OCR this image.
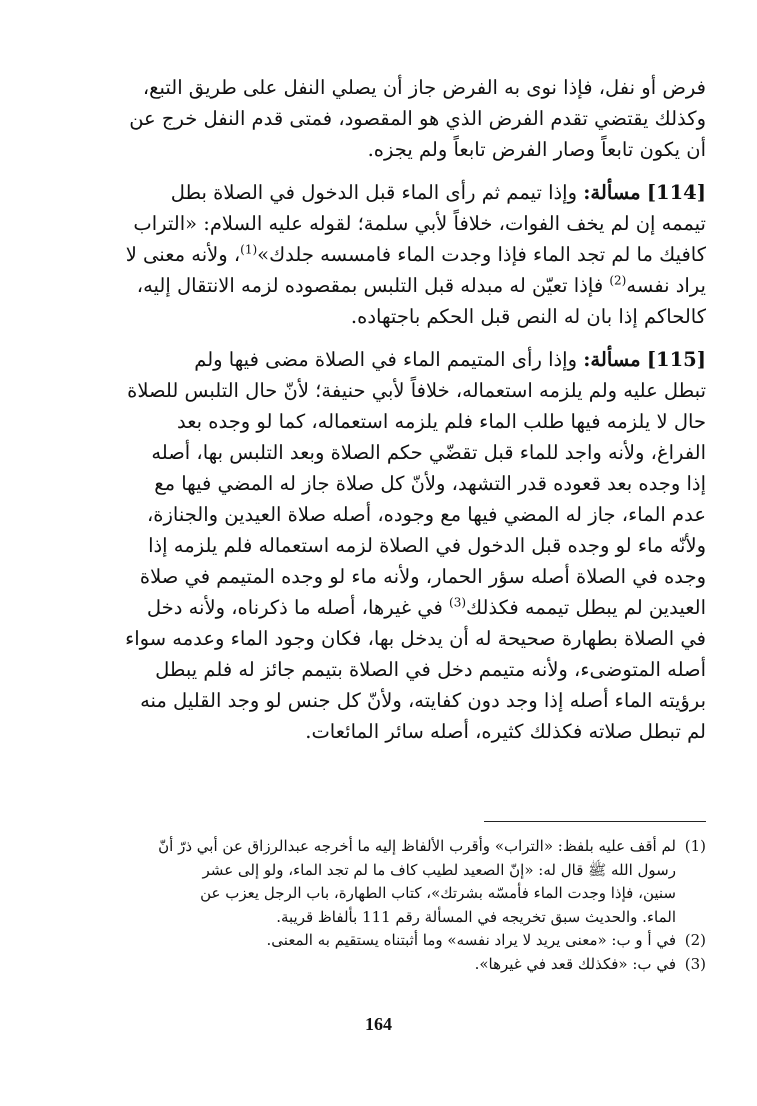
فرض أو نفل، فإذا نوى به الفرض جاز أن يصلي النفل على طريق التبع،
وكذلك يقتضي تقدم الفرض الذي هو المقصود، فمتى قدم النفل خرج عن
أن يكون تابعاً وصار الفرض تابعاً ولم يجزه.

[114] مسألة: وإذا تيمم ثم رأى الماء قبل الدخول في الصلاة بطل
تيممه إن لم يخف الفوات، خلافاً لأبي سلمة؛ لقوله عليه السلام: «التراب
كافيك ما لم تجد الماء فإذا وجدت الماء فامسسه جلدك»$^{(1)}$، ولأنه معنى لا
يراد نفسه$^{(2)}$ فإذا تعيّن له مبدله قبل التلبس بمقصوده لزمه الانتقال إليه،
كالحاكم إذا بان له النص قبل الحكم باجتهاده.

[115] مسألة: وإذا رأى المتيمم الماء في الصلاة مضى فيها ولم
تبطل عليه ولم يلزمه استعماله، خلافاً لأبي حنيفة؛ لأنّ حال التلبس للصلاة
حال لا يلزمه فيها طلب الماء فلم يلزمه استعماله، كما لو وجده بعد
الفراغ، ولأنه واجد للماء قبل تقضّي حكم الصلاة وبعد التلبس بها، أصله
إذا وجده بعد قعوده قدر التشهد، ولأنّ كل صلاة جاز له المضي فيها مع
عدم الماء، جاز له المضي فيها مع وجوده، أصله صلاة العيدين والجنازة،
ولأنّه ماء لو وجده قبل الدخول في الصلاة لزمه استعماله فلم يلزمه إذا
وجده في الصلاة أصله سؤر الحمار، ولأنه ماء لو وجده المتيمم في صلاة
العيدين لم يبطل تيممه فكذلك$^{(3)}$ في غيرها، أصله ما ذكرناه، ولأنه دخل
في الصلاة بطهارة صحيحة له أن يدخل بها، فكان وجود الماء وعدمه سواء
أصله المتوضىء، ولأنه متيمم دخل في الصلاة بتيمم جائز له فلم يبطل
برؤيته الماء أصله إذا وجد دون كفايته، ولأنّ كل جنس لو وجد القليل منه
لم تبطل صلاته فكذلك كثيره، أصله سائر المائعات.

(1)
لم أقف عليه بلفظ: «التراب» وأقرب الألفاظ إليه ما أخرجه عبدالرزاق عن أبي ذرّ أنّ
رسول الله ﷺ قال له: «إنّ الصعيد لطيب كاف ما لم تجد الماء، ولو إلى عشر
سنين، فإذا وجدت الماء فأمسّه بشرتك»، كتاب الطهارة، باب الرجل يعزب عن
الماء. والحديث سبق تخريجه في المسألة رقم 111 بألفاظ قريبة.
(2)
في أ و ب: «معنى يريد لا يراد نفسه» وما أثبتناه يستقيم به المعنى.
(3)
في ب: «فكذلك قعد في غيرها».
164
